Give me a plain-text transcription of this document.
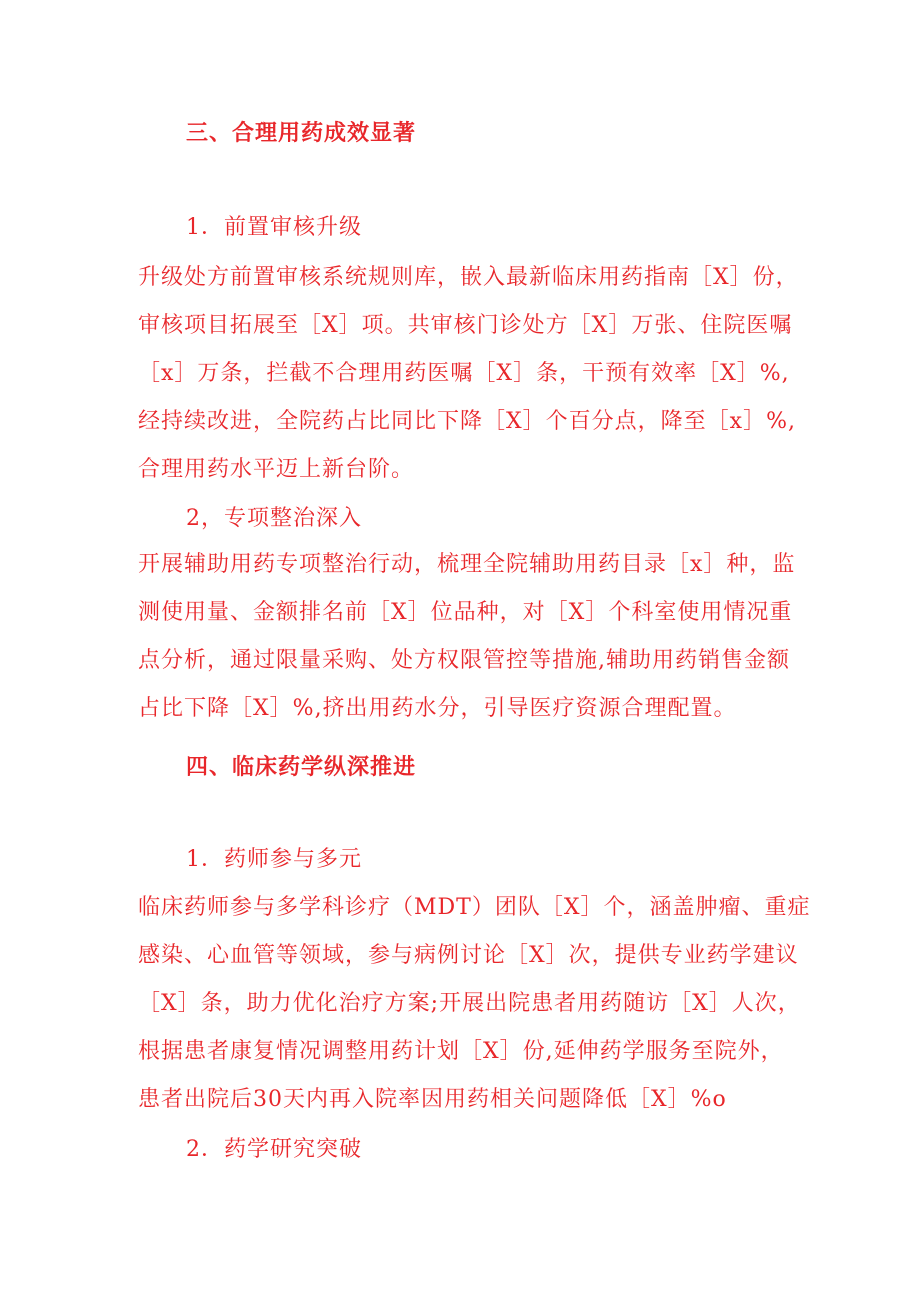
三、合理用药成效显著
1．前置审核升级
升级处方前置审核系统规则库，嵌入最新临床用药指南［X］份，
审核项目拓展至［X］项。共审核门诊处方［X］万张、住院医嘱
［x］万条，拦截不合理用药医嘱［X］条，干预有效率［X］%,
经持续改进，全院药占比同比下降［X］个百分点，降至［x］%,
合理用药水平迈上新台阶。
2，专项整治深入
开展辅助用药专项整治行动，梳理全院辅助用药目录［x］种，监
测使用量、金额排名前［X］位品种，对［X］个科室使用情况重
点分析，通过限量采购、处方权限管控等措施,辅助用药销售金额
占比下降［X］%,挤出用药水分，引导医疗资源合理配置。
四、临床药学纵深推进
1．药师参与多元
临床药师参与多学科诊疗（MDT）团队［X］个，涵盖肿瘤、重症
感染、心血管等领域，参与病例讨论［X］次，提供专业药学建议
［X］条，助力优化治疗方案;开展出院患者用药随访［X］人次，
根据患者康复情况调整用药计划［X］份,延伸药学服务至院外，
患者出院后30天内再入院率因用药相关问题降低［X］%o
2．药学研究突破
